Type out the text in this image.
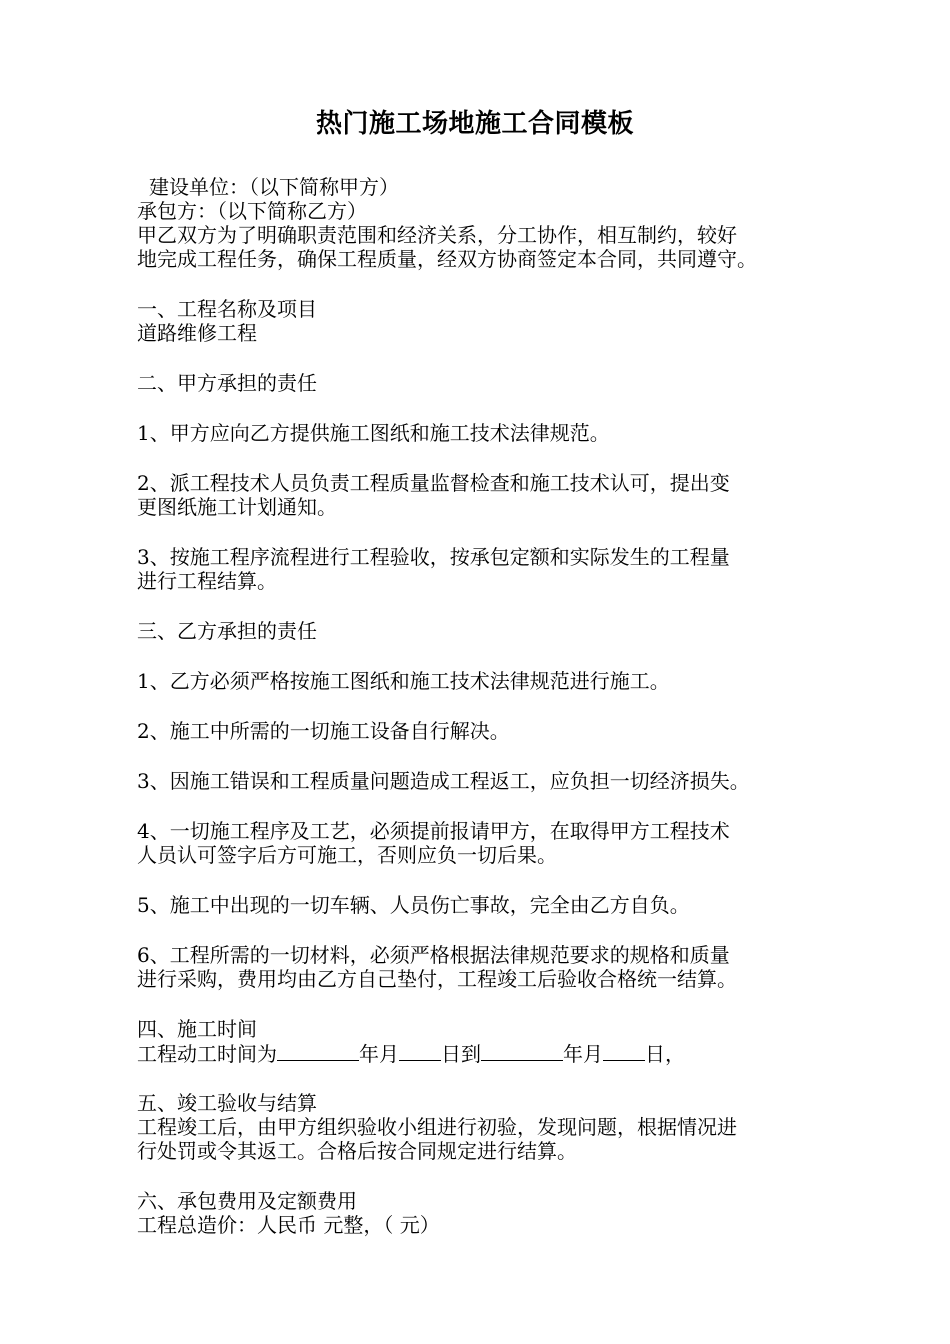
热门施工场地施工合同模板
建设单位：（以下简称甲方）
承包方：（以下简称乙方）
甲乙双方为了明确职责范围和经济关系，分工协作，相互制约，较好
地完成工程任务，确保工程质量，经双方协商签定本合同，共同遵守。
一、工程名称及项目
道路维修工程
二、甲方承担的责任
1、甲方应向乙方提供施工图纸和施工技术法律规范。
2、派工程技术人员负责工程质量监督检查和施工技术认可，提出变
更图纸施工计划通知。
3、按施工程序流程进行工程验收，按承包定额和实际发生的工程量
进行工程结算。
三、乙方承担的责任
1、乙方必须严格按施工图纸和施工技术法律规范进行施工。
2、施工中所需的一切施工设备自行解决。
3、因施工错误和工程质量问题造成工程返工，应负担一切经济损失。
4、一切施工程序及工艺，必须提前报请甲方，在取得甲方工程技术
人员认可签字后方可施工，否则应负一切后果。
5、施工中出现的一切车辆、人员伤亡事故，完全由乙方自负。
6、工程所需的一切材料，必须严格根据法律规范要求的规格和质量
进行采购，费用均由乙方自己垫付，工程竣工后验收合格统一结算。
四、施工时间
工程动工时间为	年月 日到	年月 日，
五、竣工验收与结算
工程竣工后，由甲方组织验收小组进行初验，发现问题，根据情况进
行处罚或令其返工。合格后按合同规定进行结算。
六、承包费用及定额费用
工程总造价：人民币 元整，（ 元）
